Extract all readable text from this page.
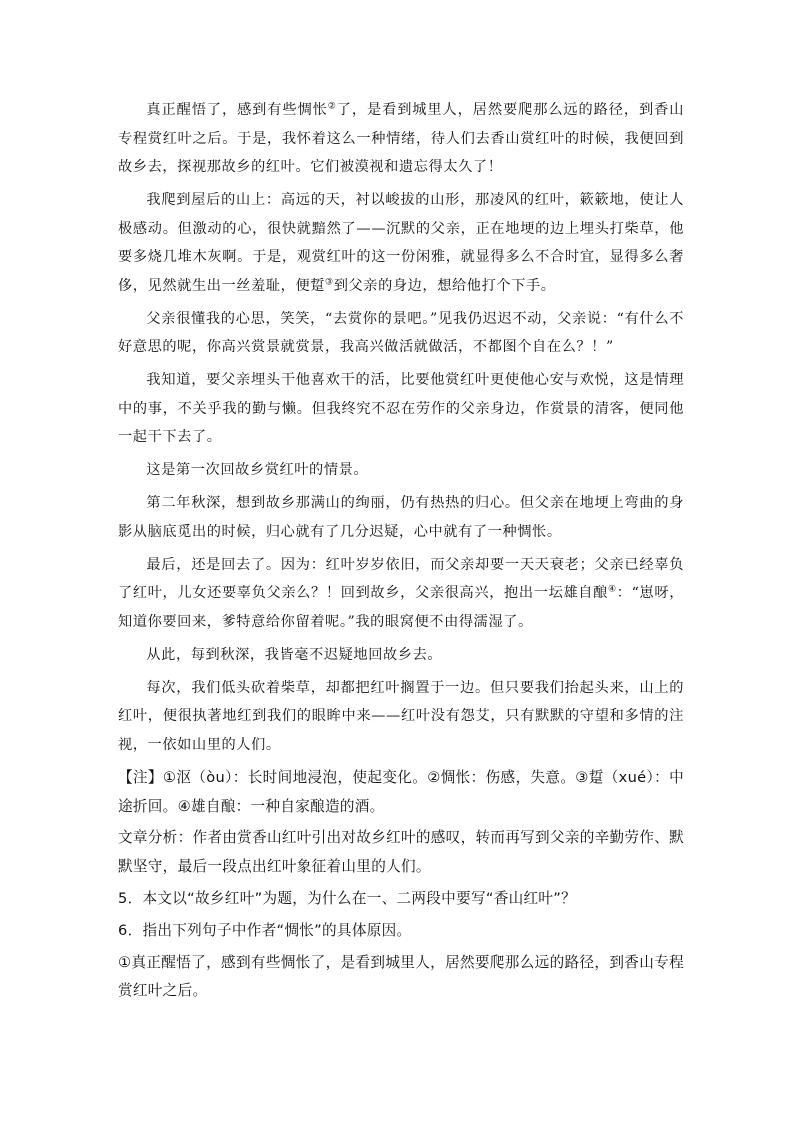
真正醒悟了，感到有些惆怅②了，是看到城里人，居然要爬那么远的路径，到香山专程赏红叶之后。于是，我怀着这么一种情绪，待人们去香山赏红叶的时候，我便回到故乡去，探视那故乡的红叶。它们被漠视和遗忘得太久了！

我爬到屋后的山上：高远的天，衬以峻拔的山形，那凌风的红叶，簌簌地，使让人极感动。但激动的心，很快就黯然了——沉默的父亲，正在地埂的边上埋头打柴草，他要多烧几堆木灰啊。于是，观赏红叶的这一份闲雅，就显得多么不合时宜，显得多么奢侈，见然就生出一丝羞耻，便踅③到父亲的身边，想给他打个下手。

父亲很懂我的心思，笑笑，“去赏你的景吧。”见我仍迟迟不动，父亲说：“有什么不好意思的呢，你高兴赏景就赏景，我高兴做活就做活，不都图个自在么？！”

我知道，要父亲埋头干他喜欢干的活，比要他赏红叶更使他心安与欢悦，这是情理中的事，不关乎我的勤与懒。但我终究不忍在劳作的父亲身边，作赏景的清客，便同他一起干下去了。

这是第一次回故乡赏红叶的情景。

第二年秋深，想到故乡那满山的绚丽，仍有热热的归心。但父亲在地埂上弯曲的身影从脑底觅出的时候，归心就有了几分迟疑，心中就有了一种惆怅。

最后，还是回去了。因为：红叶岁岁依旧，而父亲却要一天天衰老；父亲已经辜负了红叶，儿女还要辜负父亲么？！回到故乡，父亲很高兴，抱出一坛雄自酿④：“崽呀，知道你要回来，爹特意给你留着呢。”我的眼窝便不由得濡湿了。

从此，每到秋深，我皆毫不迟疑地回故乡去。

每次，我们低头砍着柴草，却都把红叶搁置于一边。但只要我们抬起头来，山上的红叶，便很执著地红到我们的眼眸中来——红叶没有怨艾，只有默默的守望和多情的注视，一依如山里的人们。

【注】①沤（òu）：长时间地浸泡，使起变化。②惆怅：伤感，失意。③踅（xué）：中途折回。④雄自酿：一种自家酿造的酒。

文章分析：作者由赏香山红叶引出对故乡红叶的感叹，转而再写到父亲的辛勤劳作、默默坚守，最后一段点出红叶象征着山里的人们。

5．本文以“故乡红叶”为题，为什么在一、二两段中要写“香山红叶”？

6．指出下列句子中作者“惆怅”的具体原因。

①真正醒悟了，感到有些惆怅了，是看到城里人，居然要爬那么远的路径，到香山专程赏红叶之后。
